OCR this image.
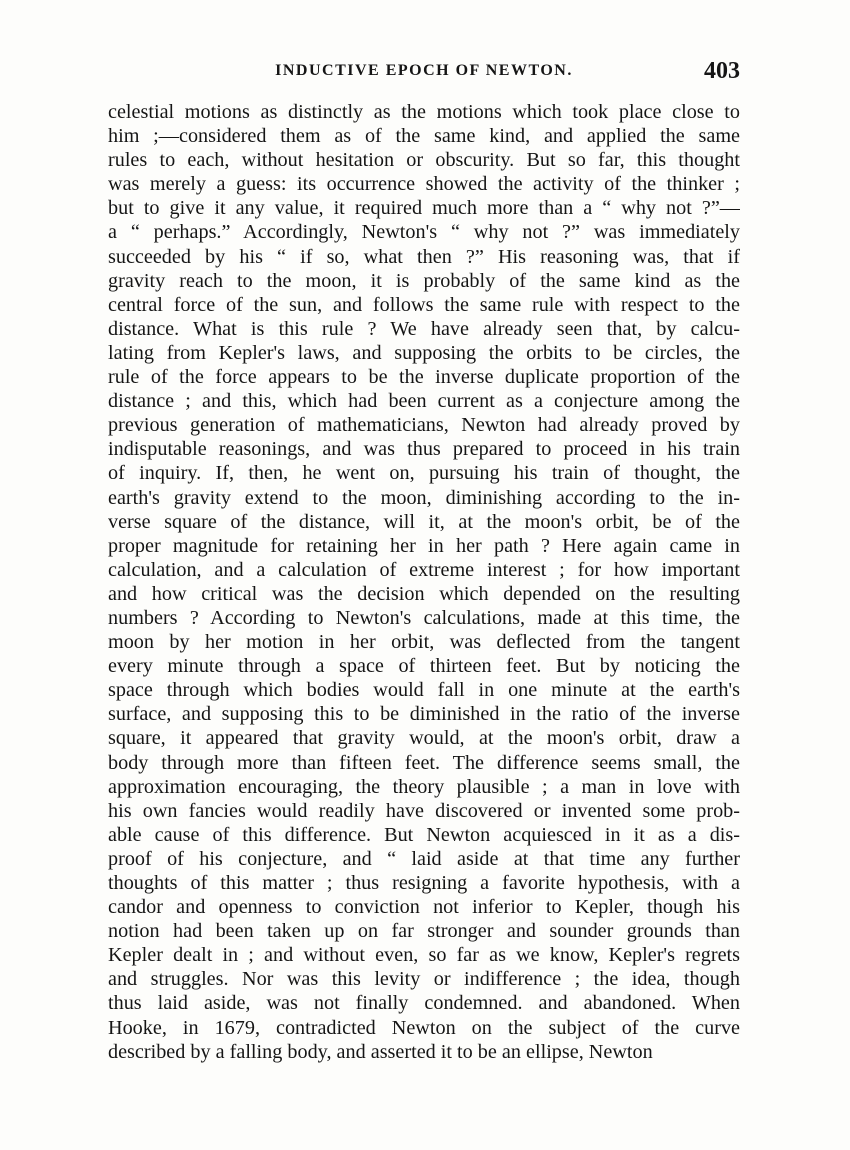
INDUCTIVE EPOCH OF NEWTON.	403
celestial motions as distinctly as the motions which took place close to
him ;—considered them as of the same kind, and applied the same
rules to each, without hesitation or obscurity. But so far, this thought
was merely a guess: its occurrence showed the activity of the thinker ;
but to give it any value, it required much more than a “ why not ?”—
a “ perhaps.” Accordingly, Newton's “ why not ?” was immediately
succeeded by his “ if so, what then ?” His reasoning was, that if
gravity reach to the moon, it is probably of the same kind as the
central force of the sun, and follows the same rule with respect to the
distance. What is this rule ? We have already seen that, by calcu-
lating from Kepler's laws, and supposing the orbits to be circles, the
rule of the force appears to be the inverse duplicate proportion of the
distance ; and this, which had been current as a conjecture among the
previous generation of mathematicians, Newton had already proved by
indisputable reasonings, and was thus prepared to proceed in his train
of inquiry. If, then, he went on, pursuing his train of thought, the
earth's gravity extend to the moon, diminishing according to the in-
verse square of the distance, will it, at the moon's orbit, be of the
proper magnitude for retaining her in her path ? Here again came in
calculation, and a calculation of extreme interest ; for how important
and how critical was the decision which depended on the resulting
numbers ? According to Newton's calculations, made at this time, the
moon by her motion in her orbit, was deflected from the tangent
every minute through a space of thirteen feet. But by noticing the
space through which bodies would fall in one minute at the earth's
surface, and supposing this to be diminished in the ratio of the inverse
square, it appeared that gravity would, at the moon's orbit, draw a
body through more than fifteen feet. The difference seems small, the
approximation encouraging, the theory plausible ; a man in love with
his own fancies would readily have discovered or invented some prob-
able cause of this difference. But Newton acquiesced in it as a dis-
proof of his conjecture, and “ laid aside at that time any further
thoughts of this matter ; thus resigning a favorite hypothesis, with a
candor and openness to conviction not inferior to Kepler, though his
notion had been taken up on far stronger and sounder grounds than
Kepler dealt in ; and without even, so far as we know, Kepler's regrets
and struggles. Nor was this levity or indifference ; the idea, though
thus laid aside, was not finally condemned. and abandoned. When
Hooke, in 1679, contradicted Newton on the subject of the curve
described by a falling body, and asserted it to be an ellipse, Newton
